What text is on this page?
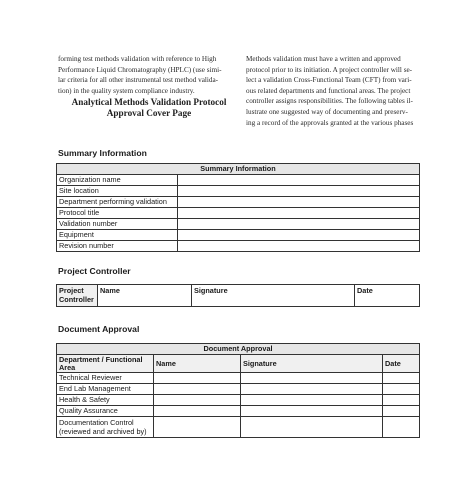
forming test methods validation with reference to High

Performance Liquid Chromatography (HPLC) (use simi-

lar criteria for all other instrumental test method valida-

tion) in the quality system compliance industry.

Analytical Methods Validation Protocol
Approval Cover Page

Methods validation must have a written and approved

protocol prior to its initiation. A project controller will se-

lect a validation Cross-Functional Team (CFT) from vari-

ous related departments and functional areas. The project

controller assigns responsibilities. The following tables il-

lustrate one suggested way of documenting and preserv-

ing a record of the approvals granted at the various phases

Summary Information
Summary Information	
Organization name	
Site location	
Department performing validation	
Protocol title	
Validation number	
Equipment	
Revision number	
Project Controller
Project Controller	Name	Signature	Date
Document Approval
Document Approval			
Department / Functional Area	Name	Signature	Date
Technical Reviewer			
End Lab Management			
Health & Safety			
Quality Assurance			
Documentation Control (reviewed and archived by)			
